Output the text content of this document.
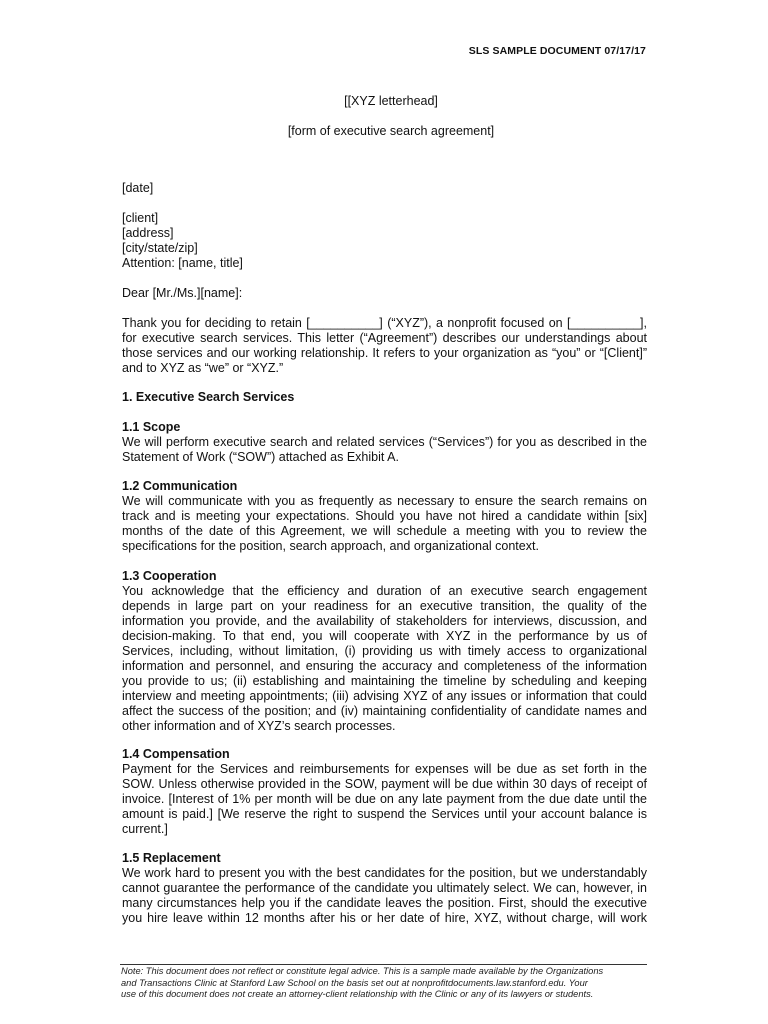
SLS SAMPLE DOCUMENT 07/17/17
[[XYZ letterhead]
[form of executive search agreement]
[date]
[client]
[address]
[city/state/zip]
Attention: [name, title]
Dear [Mr./Ms.][name]:
Thank you for deciding to retain [__________] (“XYZ”), a nonprofit focused on [__________],
for executive search services. This letter (“Agreement”) describes our understandings about
those services and our working relationship. It refers to your organization as “you” or “[Client]”
and to XYZ as “we” or “XYZ.”
1. Executive Search Services
1.1 Scope
We will perform executive search and related services (“Services”) for you as described in the
Statement of Work (“SOW”) attached as Exhibit A.
1.2 Communication
We will communicate with you as frequently as necessary to ensure the search remains on
track and is meeting your expectations. Should you have not hired a candidate within [six]
months of the date of this Agreement, we will schedule a meeting with you to review the
specifications for the position, search approach, and organizational context.
1.3 Cooperation
You acknowledge that the efficiency and duration of an executive search engagement
depends in large part on your readiness for an executive transition, the quality of the
information you provide, and the availability of stakeholders for interviews, discussion, and
decision-making. To that end, you will cooperate with XYZ in the performance by us of
Services, including, without limitation, (i) providing us with timely access to organizational
information and personnel, and ensuring the accuracy and completeness of the information
you provide to us; (ii) establishing and maintaining the timeline by scheduling and keeping
interview and meeting appointments; (iii) advising XYZ of any issues or information that could
affect the success of the position; and (iv) maintaining confidentiality of candidate names and
other information and of XYZ’s search processes.
1.4 Compensation
Payment for the Services and reimbursements for expenses will be due as set forth in the
SOW. Unless otherwise provided in the SOW, payment will be due within 30 days of receipt of
invoice. [Interest of 1% per month will be due on any late payment from the due date until the
amount is paid.] [We reserve the right to suspend the Services until your account balance is
current.]
1.5 Replacement
We work hard to present you with the best candidates for the position, but we understandably
cannot guarantee the performance of the candidate you ultimately select. We can, however, in
many circumstances help you if the candidate leaves the position. First, should the executive
you hire leave within 12 months after his or her date of hire, XYZ, without charge, will work
Note: This document does not reflect or constitute legal advice. This is a sample made available by the Organizations
and Transactions Clinic at Stanford Law School on the basis set out at nonprofitdocuments.law.stanford.edu. Your
use of this document does not create an attorney-client relationship with the Clinic or any of its lawyers or students.
